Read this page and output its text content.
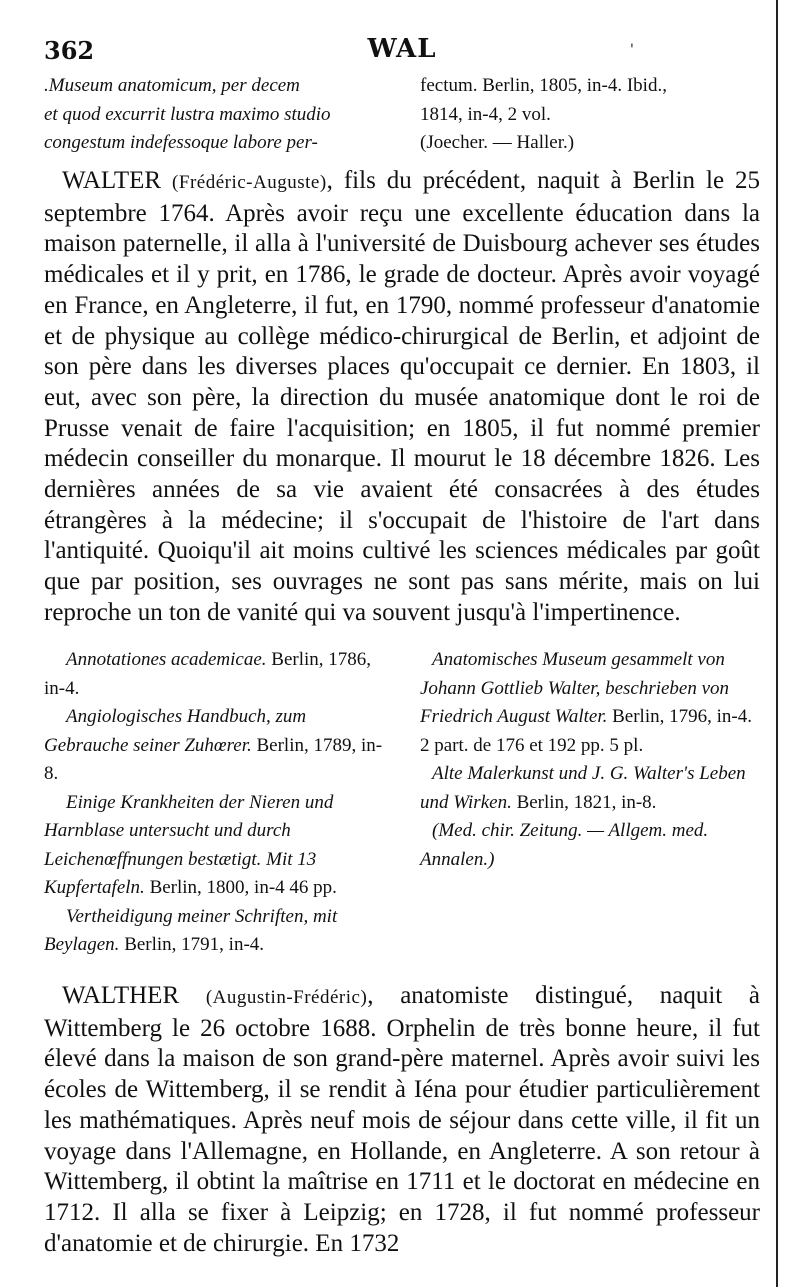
362	WAL	'
.Museum anatomicum, per decem
et quod excurrit lustra maximo studio
congestum indefessoque labore per-
fectum. Berlin, 1805, in-4. Ibid.,
1814, in-4, 2 vol.
(Joecher. — Haller.)

WALTER (Frédéric-Auguste), fils du précédent, naquit à Berlin le 25 septembre 1764. Après avoir reçu une excellente éducation dans la maison paternelle, il alla à l'université de Duisbourg achever ses études médicales et il y prit, en 1786, le grade de docteur. Après avoir voyagé en France, en Angleterre, il fut, en 1790, nommé professeur d'anatomie et de physique au collège médico-chirurgical de Berlin, et adjoint de son père dans les diverses places qu'occupait ce dernier. En 1803, il eut, avec son père, la direction du musée anatomique dont le roi de Prusse venait de faire l'acquisition; en 1805, il fut nommé premier médecin conseiller du monarque. Il mourut le 18 décembre 1826. Les dernières années de sa vie avaient été consacrées à des études étrangères à la médecine; il s'occupait de l'histoire de l'art dans l'antiquité. Quoiqu'il ait moins cultivé les sciences médicales par goût que par position, ses ouvrages ne sont pas sans mérite, mais on lui reproche un ton de vanité qui va souvent jusqu'à l'impertinence.

Annotationes academicae. Berlin, 1786, in-4.

Angiologisches Handbuch, zum Gebrauche seiner Zuhœrer. Berlin, 1789, in-8.

Einige Krankheiten der Nieren und Harnblase untersucht und durch Leichenœffnungen bestætigt. Mit 13 Kupfertafeln. Berlin, 1800, in-4 46 pp.

Vertheidigung meiner Schriften, mit Beylagen. Berlin, 1791, in-4.

Anatomisches Museum gesammelt von Johann Gottlieb Walter, beschrieben von Friedrich August Walter. Berlin, 1796, in-4. 2 part. de 176 et 192 pp. 5 pl.

Alte Malerkunst und J. G. Walter's Leben und Wirken. Berlin, 1821, in-8.

(Med. chir. Zeitung. — Allgem. med. Annalen.)

WALTHER (Augustin-Frédéric), anatomiste distingué, naquit à Wittemberg le 26 octobre 1688. Orphelin de très bonne heure, il fut élevé dans la maison de son grand-père maternel. Après avoir suivi les écoles de Wittemberg, il se rendit à Iéna pour étudier particulièrement les mathématiques. Après neuf mois de séjour dans cette ville, il fit un voyage dans l'Allemagne, en Hollande, en Angleterre. A son retour à Wittemberg, il obtint la maîtrise en 1711 et le doctorat en médecine en 1712. Il alla se fixer à Leipzig; en 1728, il fut nommé professeur d'anatomie et de chirurgie. En 1732
